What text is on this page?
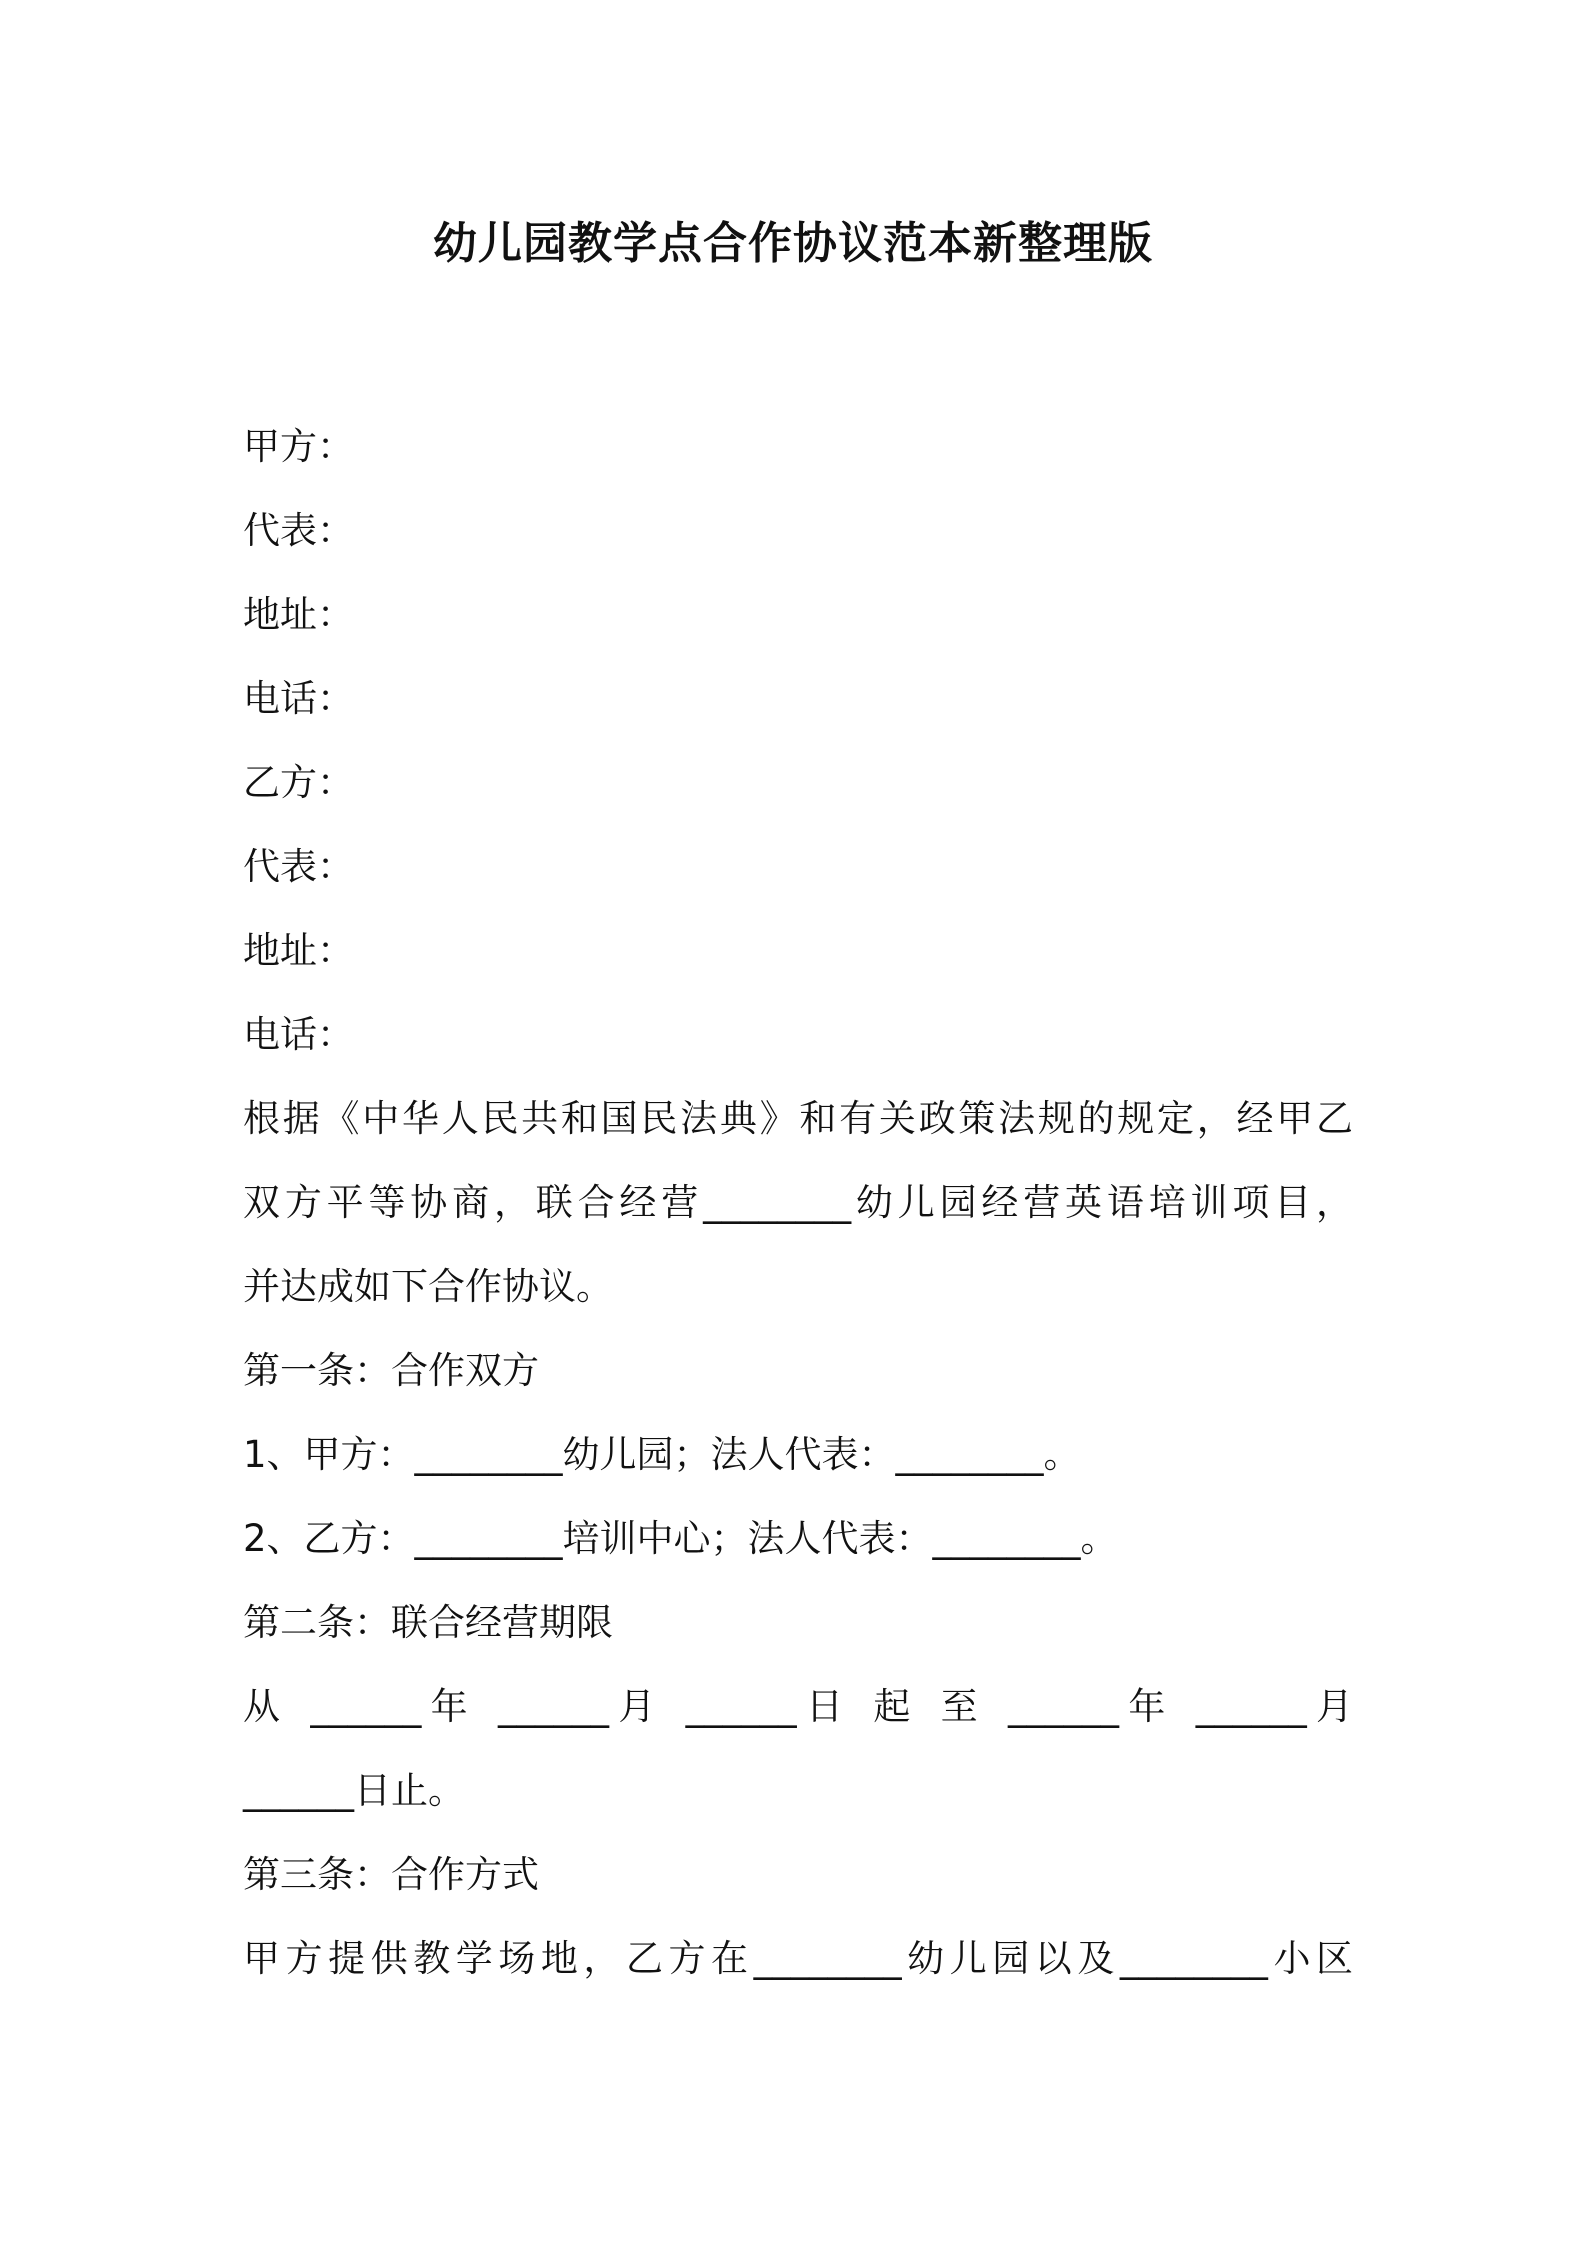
幼儿园教学点合作协议范本新整理版
甲方：
代表：
地址：
电话：
乙方：
代表：
地址：
电话：
根据《中华人民共和国民法典》和有关政策法规的规定，经甲乙
双方平等协商，联合经营________幼儿园经营英语培训项目，
并达成如下合作协议。
第一条：合作双方
1、甲方：________幼儿园；法人代表：________。
2、乙方：________培训中心；法人代表：________。
第二条：联合经营期限
从 ______年 ______月 ______日 起 至 ______年 ______月
______日止。
第三条：合作方式
甲方提供教学场地，乙方在________幼儿园以及________小区
